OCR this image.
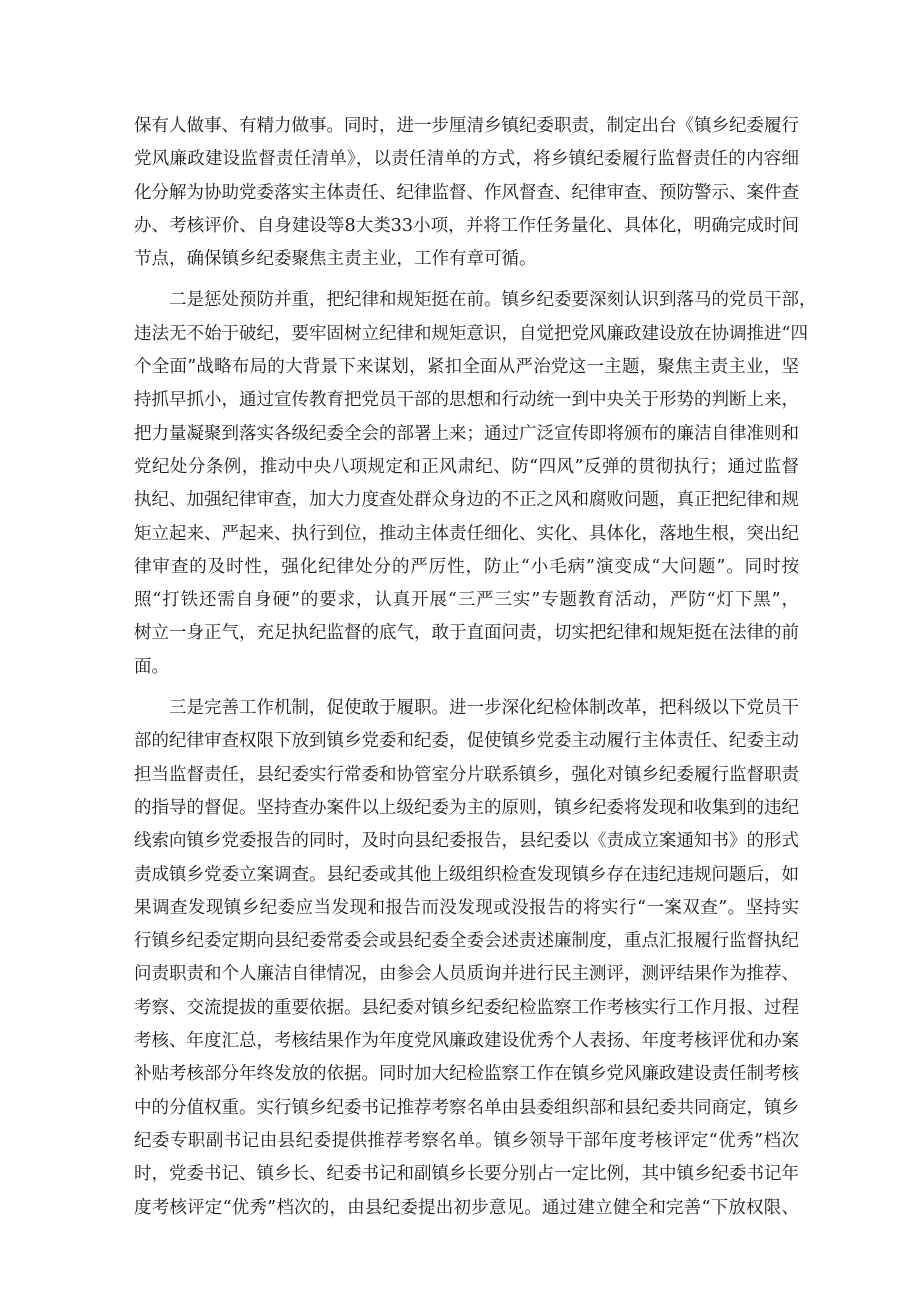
保有人做事、有精力做事。同时，进一步厘清乡镇纪委职责，制定出台《镇乡纪委履行
党风廉政建设监督责任清单》，以责任清单的方式，将乡镇纪委履行监督责任的内容细
化分解为协助党委落实主体责任、纪律监督、作风督查、纪律审查、预防警示、案件查
办、考核评价、自身建设等8大类33小项，并将工作任务量化、具体化，明确完成时间
节点，确保镇乡纪委聚焦主责主业，工作有章可循。
　　二是惩处预防并重，把纪律和规矩挺在前。镇乡纪委要深刻认识到落马的党员干部，
违法无不始于破纪，要牢固树立纪律和规矩意识，自觉把党风廉政建设放在协调推进“四
个全面”战略布局的大背景下来谋划，紧扣全面从严治党这一主题，聚焦主责主业，坚
持抓早抓小，通过宣传教育把党员干部的思想和行动统一到中央关于形势的判断上来，
把力量凝聚到落实各级纪委全会的部署上来；通过广泛宣传即将颁布的廉洁自律准则和
党纪处分条例，推动中央八项规定和正风肃纪、防“四风”反弹的贯彻执行；通过监督
执纪、加强纪律审查，加大力度查处群众身边的不正之风和腐败问题，真正把纪律和规
矩立起来、严起来、执行到位，推动主体责任细化、实化、具体化，落地生根，突出纪
律审查的及时性，强化纪律处分的严厉性，防止“小毛病”演变成“大问题”。同时按
照“打铁还需自身硬”的要求，认真开展“三严三实”专题教育活动，严防“灯下黑”，
树立一身正气，充足执纪监督的底气，敢于直面问责，切实把纪律和规矩挺在法律的前
面。
　　三是完善工作机制，促使敢于履职。进一步深化纪检体制改革，把科级以下党员干
部的纪律审查权限下放到镇乡党委和纪委，促使镇乡党委主动履行主体责任、纪委主动
担当监督责任，县纪委实行常委和协管室分片联系镇乡，强化对镇乡纪委履行监督职责
的指导的督促。坚持查办案件以上级纪委为主的原则，镇乡纪委将发现和收集到的违纪
线索向镇乡党委报告的同时，及时向县纪委报告，县纪委以《责成立案通知书》的形式
责成镇乡党委立案调查。县纪委或其他上级组织检查发现镇乡存在违纪违规问题后，如
果调查发现镇乡纪委应当发现和报告而没发现或没报告的将实行“一案双查”。坚持实
行镇乡纪委定期向县纪委常委会或县纪委全委会述责述廉制度，重点汇报履行监督执纪
问责职责和个人廉洁自律情况，由参会人员质询并进行民主测评，测评结果作为推荐、
考察、交流提拔的重要依据。县纪委对镇乡纪委纪检监察工作考核实行工作月报、过程
考核、年度汇总，考核结果作为年度党风廉政建设优秀个人表扬、年度考核评优和办案
补贴考核部分年终发放的依据。同时加大纪检监察工作在镇乡党风廉政建设责任制考核
中的分值权重。实行镇乡纪委书记推荐考察名单由县委组织部和县纪委共同商定，镇乡
纪委专职副书记由县纪委提供推荐考察名单。镇乡领导干部年度考核评定“优秀”档次
时，党委书记、镇乡长、纪委书记和副镇乡长要分别占一定比例，其中镇乡纪委书记年
度考核评定“优秀”档次的，由县纪委提出初步意见。通过建立健全和完善“下放权限、
